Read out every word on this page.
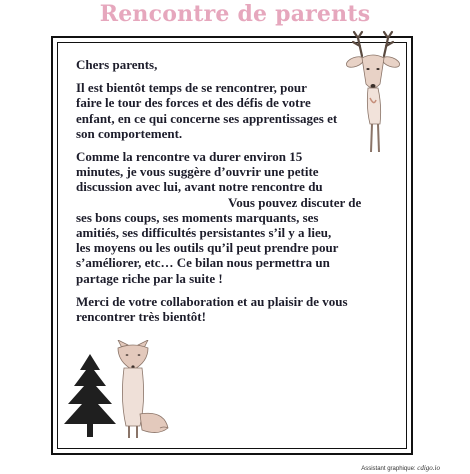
Rencontre de parents

Chers parents,

Il est bientôt temps de se rencontrer, pour
faire le tour des forces et des défis de votre
enfant, en ce qui concerne ses apprentissages et
son comportement.

Comme la rencontre va durer environ 15
minutes, je vous suggère d’ouvrir une petite
discussion avec lui, avant notre rencontre du
Vous pouvez discuter de
ses bons coups, ses moments marquants, ses
amitiés, ses difficultés persistantes s’il y a lieu,
les moyens ou les outils qu’il peut prendre pour
s’améliorer, etc… Ce bilan nous permettra un
partage riche par la suite !

Merci de votre collaboration et au plaisir de vous
rencontrer très bientôt!

Assistant graphique: cdigo.io
